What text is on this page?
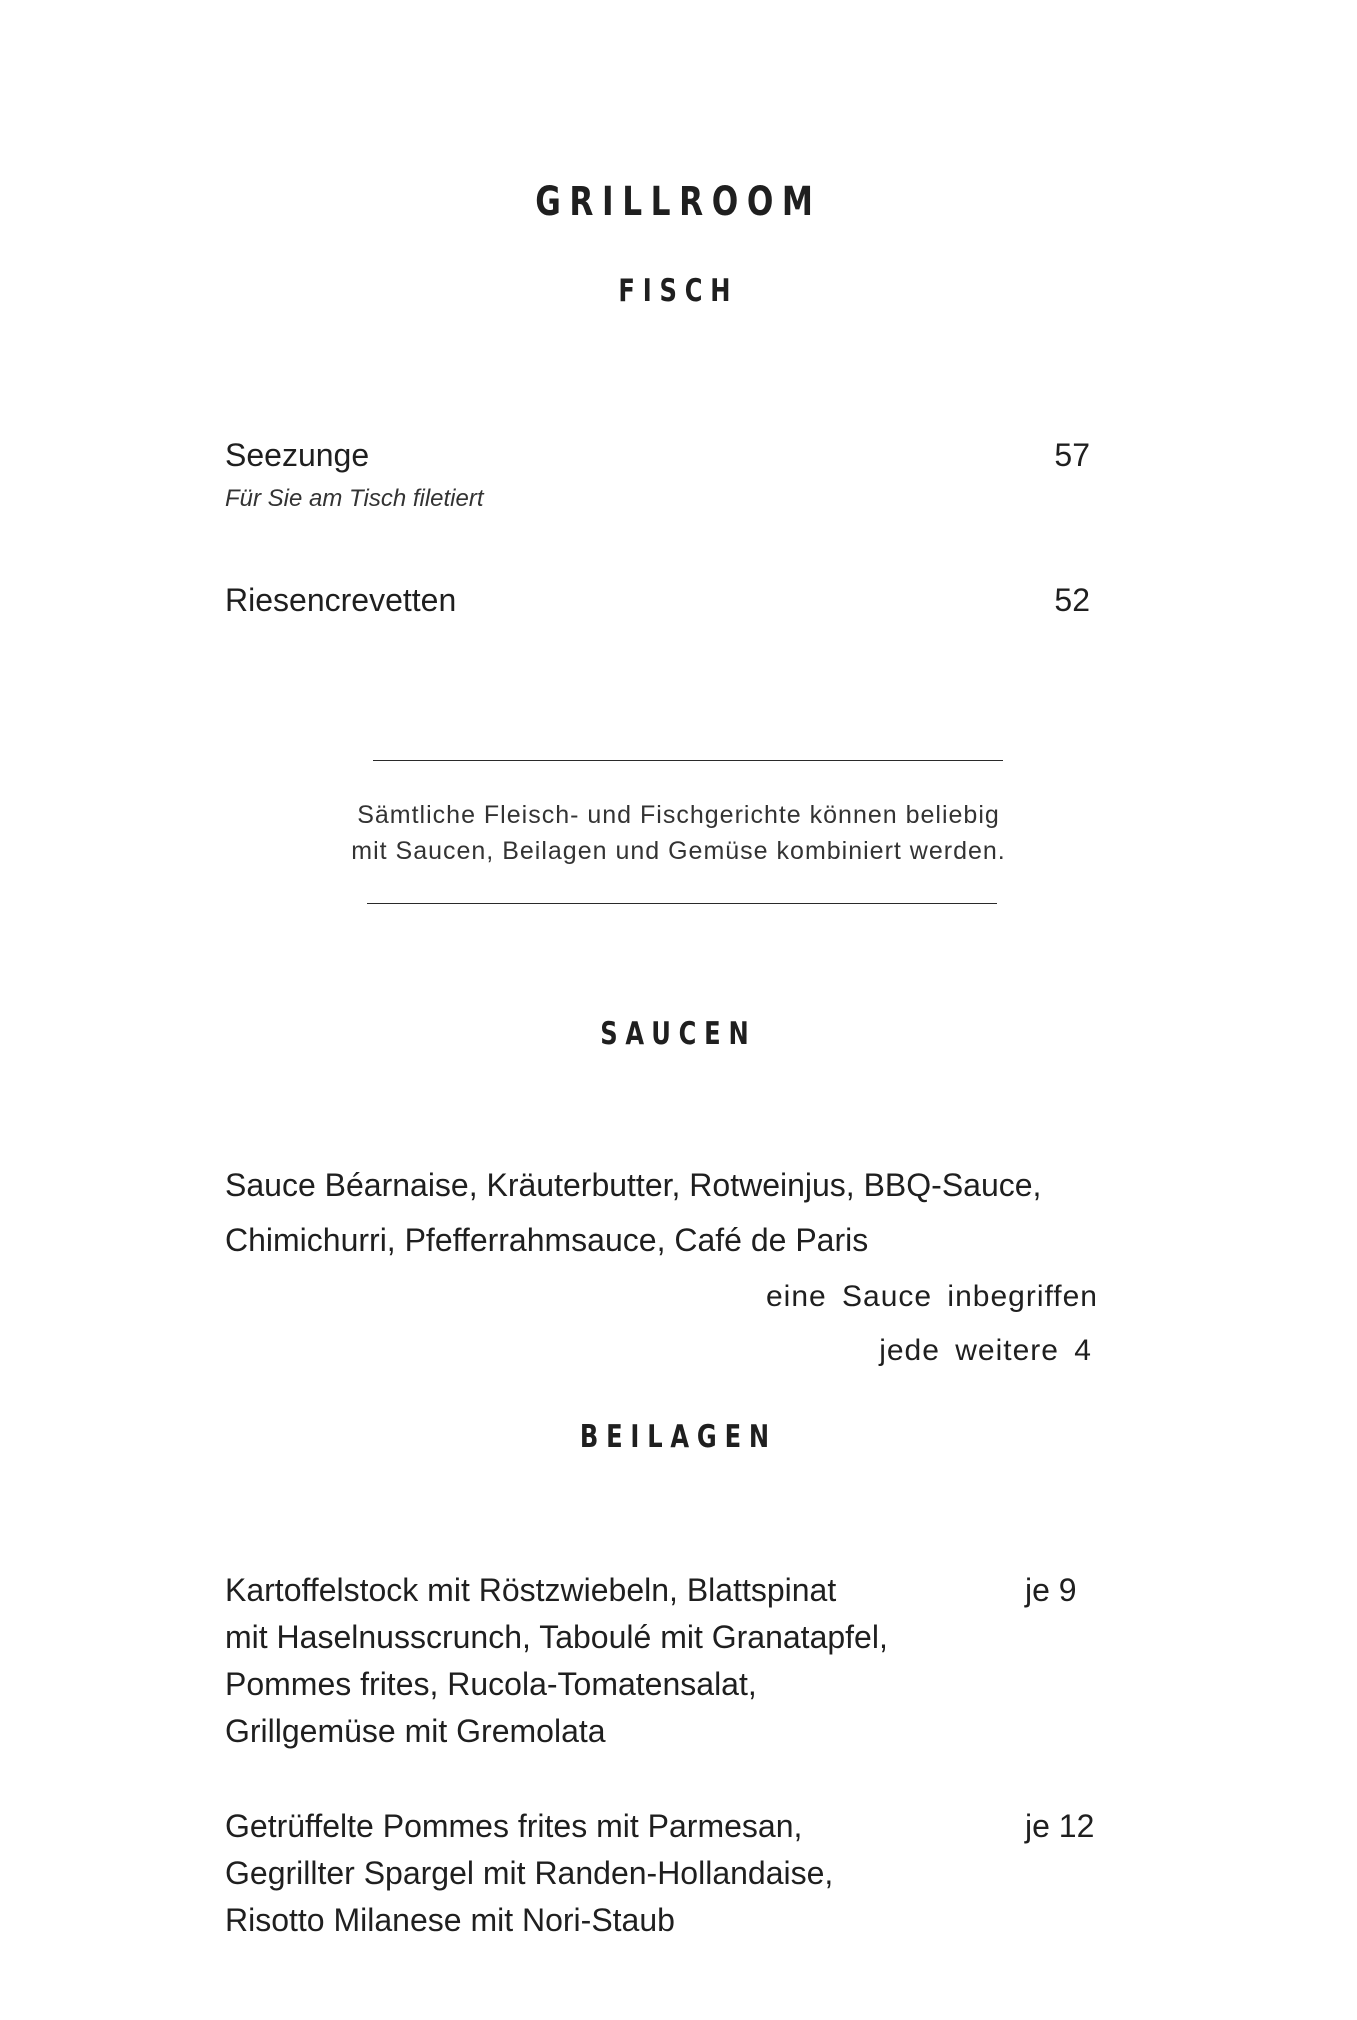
GRILLROOM
FISCH
Seezunge	57
Für Sie am Tisch filetiert
Riesencrevetten	52
Sämtliche Fleisch- und Fischgerichte können beliebig
mit Saucen, Beilagen und Gemüse kombiniert werden.
SAUCEN
Sauce Béarnaise, Kräuterbutter, Rotweinjus, BBQ-Sauce,
Chimichurri, Pfefferrahmsauce, Café de Paris
eine Sauce inbegriffen
jede weitere 4
BEILAGEN
Kartoffelstock mit Röstzwiebeln, Blattspinat
mit Haselnusscrunch, Taboulé mit Granatapfel,
Pommes frites, Rucola-Tomatensalat,
Grillgemüse mit Gremolata
je 9
Getrüffelte Pommes frites mit Parmesan,
Gegrillter Spargel mit Randen-Hollandaise,
Risotto Milanese mit Nori-Staub
je 12
